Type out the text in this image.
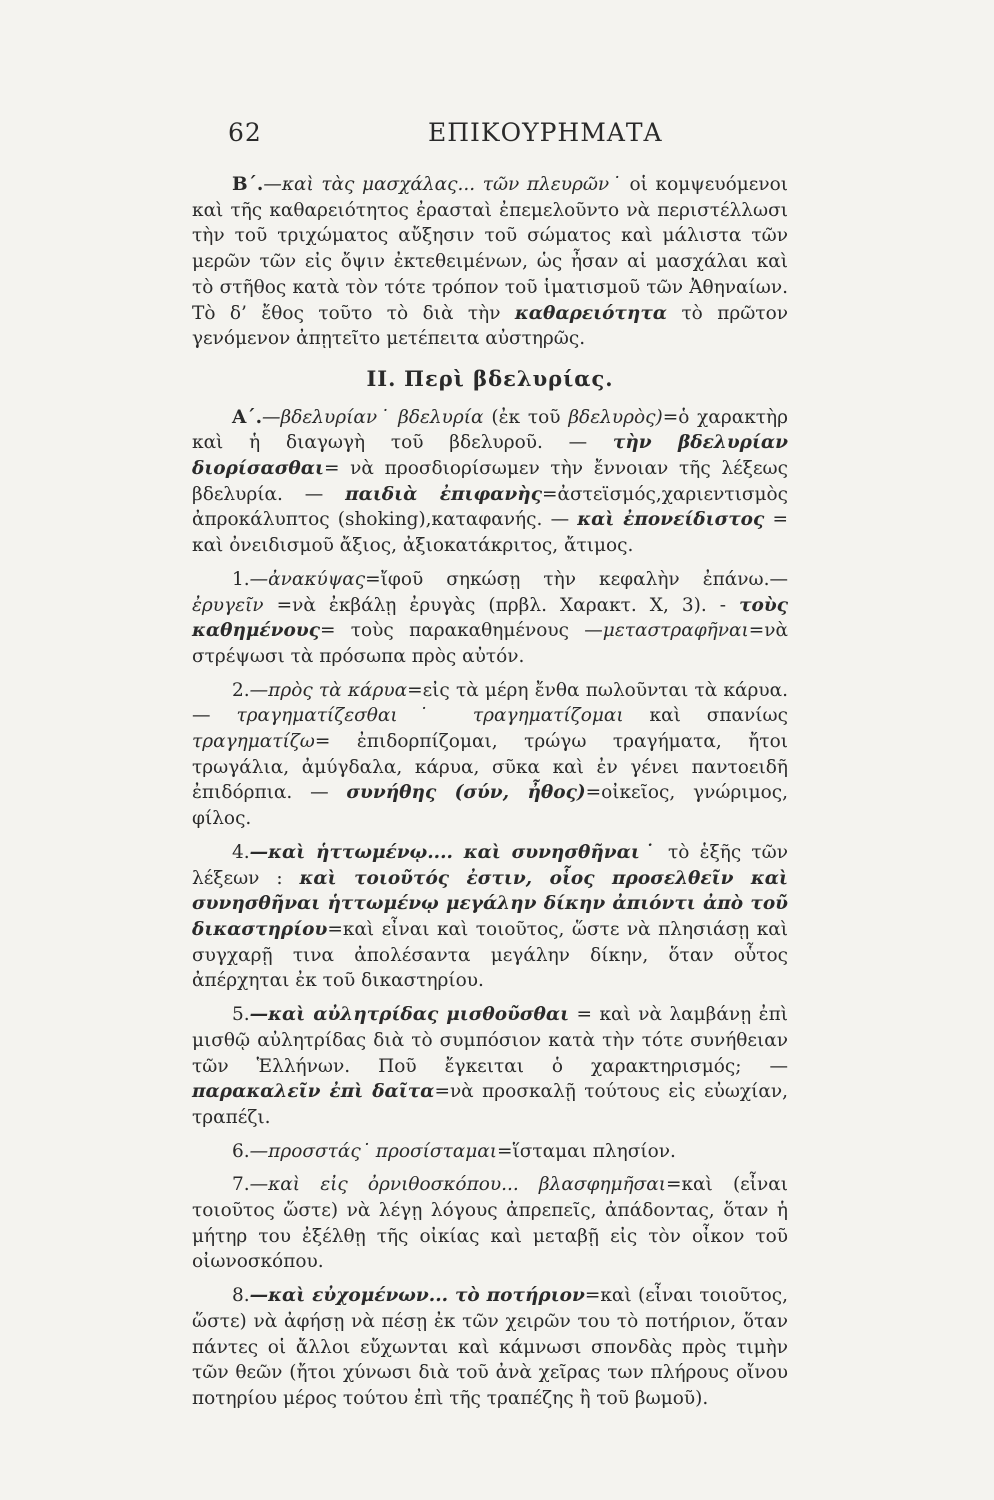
62	ΕΠΙΚΟΥΡΗΜΑΤΑ

Β΄.—καὶ τὰς μασχάλας... τῶν πλευρῶν˙ οἱ κομψευόμενοι καὶ τῆς καθαρειότητος ἐρασταὶ ἐπεμελοῦντο νὰ περιστέλλωσι τὴν τοῦ τριχώματος αὔξησιν τοῦ σώματος καὶ μάλιστα τῶν μερῶν τῶν εἰς ὄψιν ἐκτεθειμένων, ὡς ἦσαν αἱ μασχάλαι καὶ τὸ στῆθος κατὰ τὸν τότε τρόπον τοῦ ἱματισμοῦ τῶν Ἀθηναίων. Τὸ δ’ ἔθος τοῦτο τὸ διὰ τὴν καθαρειότητα τὸ πρῶτον γενόμενον ἀπῃτεῖτο μετέπειτα αὐστηρῶς.

ΙΙ. Περὶ βδελυρίας.

Α΄.—βδελυρίαν˙ βδελυρία (ἐκ τοῦ βδελυρὸς)=ὁ χαρακτὴρ καὶ ἡ διαγωγὴ τοῦ βδελυροῦ. — τὴν βδελυρίαν διορίσασθαι= νὰ προσδιορίσωμεν τὴν ἔννοιαν τῆς λέξεως βδελυρία. — παιδιὰ ἐπιφανὴς=ἀστεϊσμός,χαριεντισμὸς ἀπροκάλυπτος (shoking),καταφανής. — καὶ ἐπονείδιστος = καὶ ὀνειδισμοῦ ἄξιος, ἀξιοκατάκριτος, ἄτιμος.

1.—ἀνακύψας=ἴφοῦ σηκώσῃ τὴν κεφαλὴν ἐπάνω.—ἐρυγεῖν =νὰ ἐκβάλῃ ἐρυγὰς (πρβλ. Χαρακτ. Χ, 3). - τοὺς καθημένους= τοὺς παρακαθημένους —μεταστραφῆναι=νὰ στρέψωσι τὰ πρόσωπα πρὸς αὐτόν.

2.—πρὸς τὰ κάρυα=εἰς τὰ μέρη ἔνθα πωλοῦνται τὰ κάρυα.— τραγηματίζεσθαι˙ τραγηματίζομαι καὶ σπανίως τραγηματίζω= ἐπιδορπίζομαι, τρώγω τραγήματα, ἤτοι τρωγάλια, ἀμύγδαλα, κάρυα, σῦκα καὶ ἐν γένει παντοειδῆ ἐπιδόρπια. — συνήθης (σύν, ἦθος)=οἰκεῖος, γνώριμος, φίλος.

4.—καὶ ἡττωμένῳ.... καὶ συνησθῆναι˙ τὸ ἑξῆς τῶν λέξεων : καὶ τοιοῦτός ἐστιν, οἷος προσελθεῖν καὶ συνησθῆναι ἡττωμένῳ μεγάλην δίκην ἀπιόντι ἀπὸ τοῦ δικαστηρίου=καὶ εἶναι καὶ τοιοῦτος, ὥστε νὰ πλησιάσῃ καὶ συγχαρῇ τινα ἀπολέσαντα μεγάλην δίκην, ὅταν οὗτος ἀπέρχηται ἐκ τοῦ δικαστηρίου.

5.—καὶ αὐλητρίδας μισθοῦσθαι = καὶ νὰ λαμβάνῃ ἐπὶ μισθῷ αὐλητρίδας διὰ τὸ συμπόσιον κατὰ τὴν τότε συνήθειαν τῶν Ἑλλήνων. Ποῦ ἔγκειται ὁ χαρακτηρισμός; — παρακαλεῖν ἐπὶ δαῖτα=νὰ προσκαλῇ τούτους εἰς εὐωχίαν, τραπέζι.

6.—προσστάς˙ προσίσταμαι=ἵσταμαι πλησίον.

7.—καὶ εἰς ὀρνιθοσκόπου... βλασφημῆσαι=καὶ (εἶναι τοιοῦτος ὥστε) νὰ λέγῃ λόγους ἀπρεπεῖς, ἀπάδοντας, ὅταν ἡ μήτηρ του ἐξέλθῃ τῆς οἰκίας καὶ μεταβῇ εἰς τὸν οἶκον τοῦ οἰωνοσκόπου.

8.—καὶ εὐχομένων... τὸ ποτήριον=καὶ (εἶναι τοιοῦτος, ὥστε) νὰ ἀφήσῃ νὰ πέσῃ ἐκ τῶν χειρῶν του τὸ ποτήριον, ὅταν πάντες οἱ ἄλλοι εὔχωνται καὶ κάμνωσι σπονδὰς πρὸς τιμὴν τῶν θεῶν (ἤτοι χύνωσι διὰ τοῦ ἀνὰ χεῖρας των πλήρους οἴνου ποτηρίου μέρος τούτου ἐπὶ τῆς τραπέζης ἢ τοῦ βωμοῦ).
